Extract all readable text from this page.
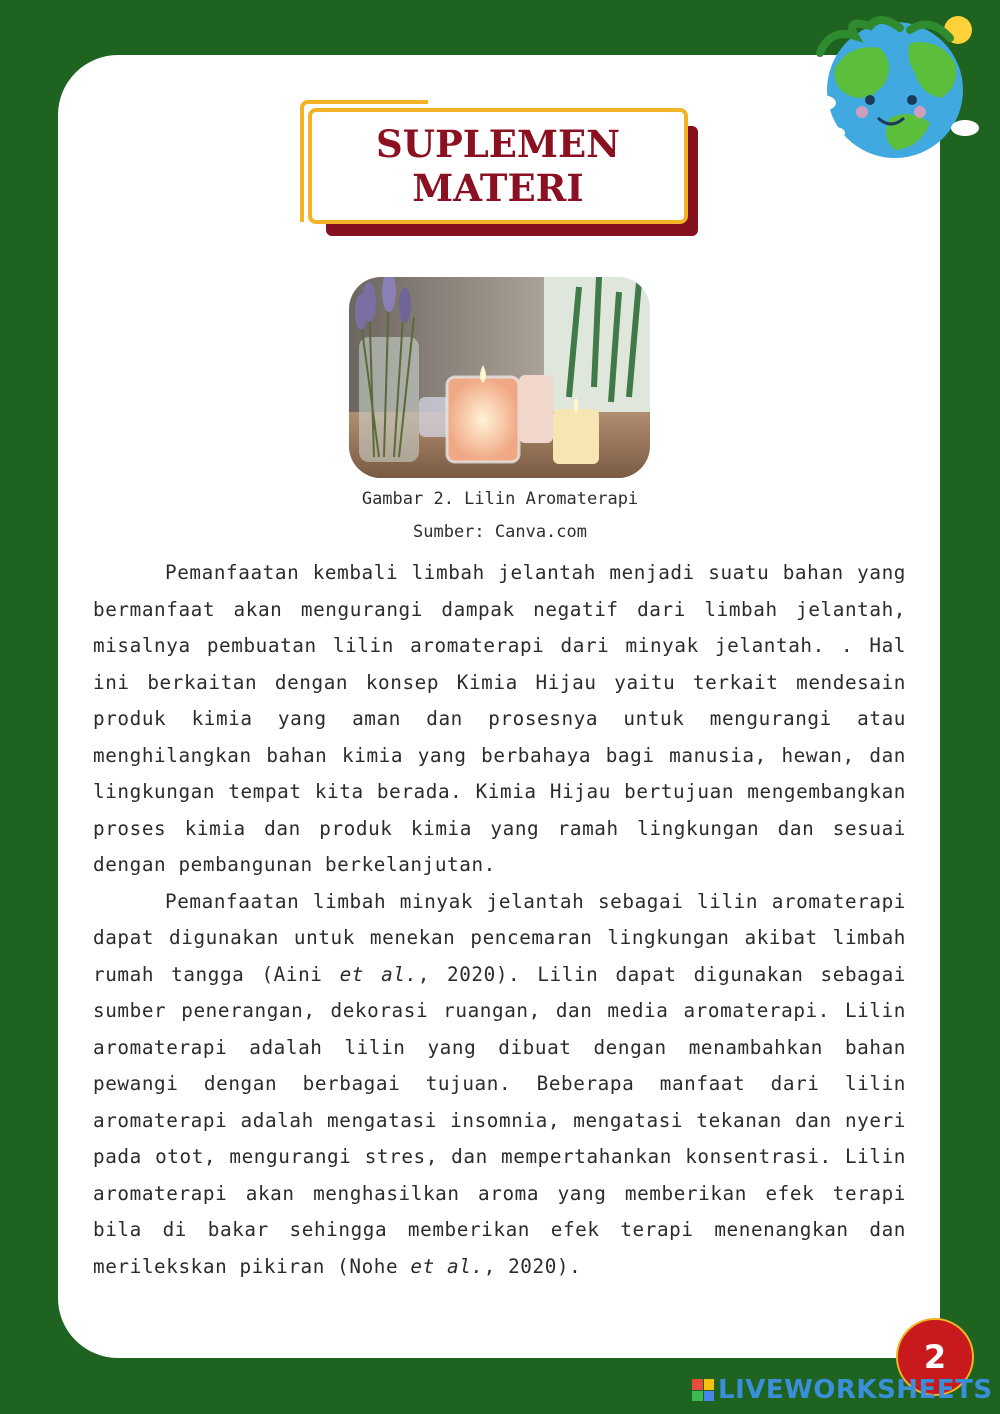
SUPLEMEN
MATERI
Gambar 2. Lilin Aromaterapi
Sumber: Canva.com

Pemanfaatan kembali limbah jelantah menjadi suatu bahan yang bermanfaat akan mengurangi dampak negatif dari limbah jelantah, misalnya pembuatan lilin aromaterapi dari minyak jelantah. . Hal ini berkaitan dengan konsep Kimia Hijau yaitu terkait mendesain produk kimia yang aman dan prosesnya untuk mengurangi atau menghilangkan bahan kimia yang berbahaya bagi manusia, hewan, dan lingkungan tempat kita berada. Kimia Hijau bertujuan mengembangkan proses kimia dan produk kimia yang ramah lingkungan dan sesuai dengan pembangunan berkelanjutan.

Pemanfaatan limbah minyak jelantah sebagai lilin aromaterapi dapat digunakan untuk menekan pencemaran lingkungan akibat limbah rumah tangga (Aini et al., 2020). Lilin dapat digunakan sebagai sumber penerangan, dekorasi ruangan, dan media aromaterapi. Lilin aromaterapi adalah lilin yang dibuat dengan menambahkan bahan pewangi dengan berbagai tujuan. Beberapa manfaat dari lilin aromaterapi adalah mengatasi insomnia, mengatasi tekanan dan nyeri pada otot, mengurangi stres, dan mempertahankan konsentrasi. Lilin aromaterapi akan menghasilkan aroma yang memberikan efek terapi bila di bakar sehingga memberikan efek terapi menenangkan dan merilekskan pikiran (Nohe et al., 2020).

2
LIVEWORKSHEETS
